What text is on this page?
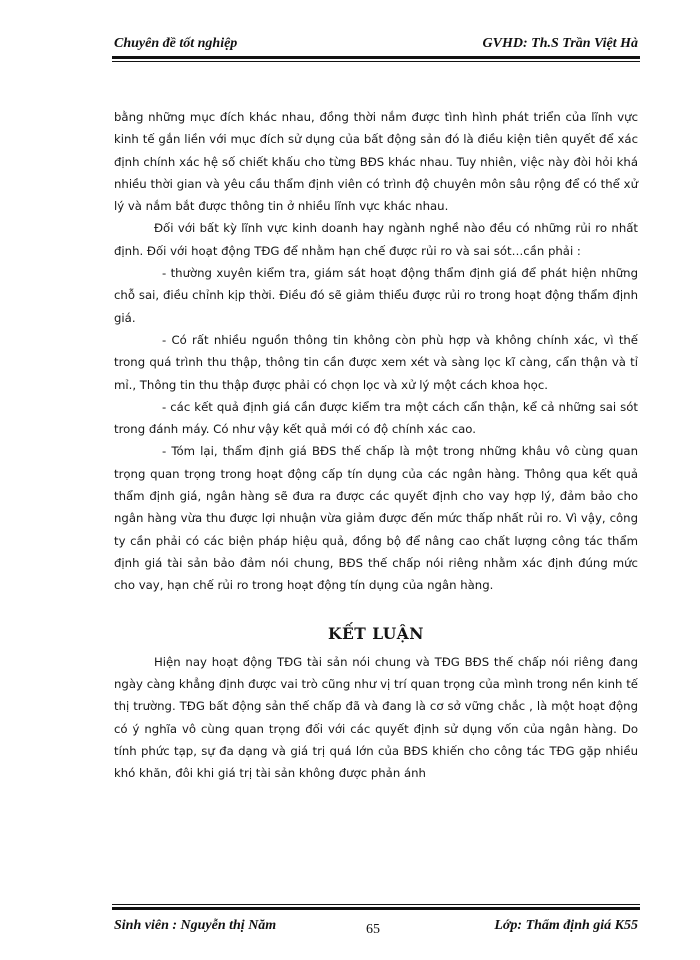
Chuyên đề tốt nghiệp	GVHD: Th.S Trần Việt Hà

bằng những mục đích khác nhau, đồng thời nắm được tình hình phát triển của lĩnh vực kinh tế gắn liền với mục đích sử dụng của bất động sản đó là điều kiện tiên quyết để xác định chính xác hệ số chiết khấu cho từng BĐS khác nhau. Tuy nhiên, việc này đòi hỏi khá nhiều thời gian và yêu cầu thẩm định viên có trình độ chuyên môn sâu rộng để có thể xử lý và nắm bắt được thông tin ở nhiều lĩnh vực khác nhau.

Đối với bất kỳ lĩnh vực kinh doanh hay ngành nghề nào đều có những rủi ro nhất định. Đối với hoạt động TĐG để nhằm hạn chế được rủi ro và sai sót…cần phải :

- thường xuyên kiểm tra, giám sát hoạt động thẩm định giá để phát hiện những chỗ sai, điều chỉnh kịp thời. Điều đó sẽ giảm thiểu được rủi ro trong hoạt động thẩm định giá.

- Có rất nhiều nguồn thông tin không còn phù hợp và không chính xác, vì thế trong quá trình thu thập, thông tin cần được xem xét và sàng lọc kĩ càng, cẩn thận và tỉ mỉ., Thông tin thu thập được phải có chọn lọc và xử lý một cách khoa học.

- các kết quả định giá cần được kiểm tra một cách cẩn thận, kể cả những sai sót trong đánh máy. Có như vậy kết quả mới có độ chính xác cao.

- Tóm lại, thẩm định giá BĐS thế chấp là một trong những khâu vô cùng quan trọng quan trọng trong hoạt động cấp tín dụng của các ngân hàng. Thông qua kết quả thẩm định giá, ngân hàng sẽ đưa ra được các quyết định cho vay hợp lý, đảm bảo cho ngân hàng vừa thu được lợi nhuận vừa giảm được đến mức thấp nhất rủi ro. Vì vậy, công ty cần phải có các biện pháp hiệu quả, đồng bộ để nâng cao chất lượng công tác thẩm định giá tài sản bảo đảm nói chung, BĐS thế chấp nói riêng nhằm xác định đúng mức cho vay, hạn chế rủi ro trong hoạt động tín dụng của ngân hàng.

KẾT LUẬN

Hiện nay hoạt động TĐG tài sản nói chung và TĐG BĐS thế chấp nói riêng đang ngày càng khẳng định được vai trò cũng như vị trí quan trọng của mình trong nền kinh tế thị trường. TĐG bất động sản thế chấp đã và đang là cơ sở vững chắc , là một hoạt động có ý nghĩa vô cùng quan trọng đối với các quyết định sử dụng vốn của ngân hàng. Do tính phức tạp, sự đa dạng và giá trị quá lớn của BĐS khiến cho công tác TĐG gặp nhiều khó khăn, đôi khi giá trị tài sản không được phản ánh

Sinh viên : Nguyễn thị Năm	65	Lớp: Thẩm định giá K55
